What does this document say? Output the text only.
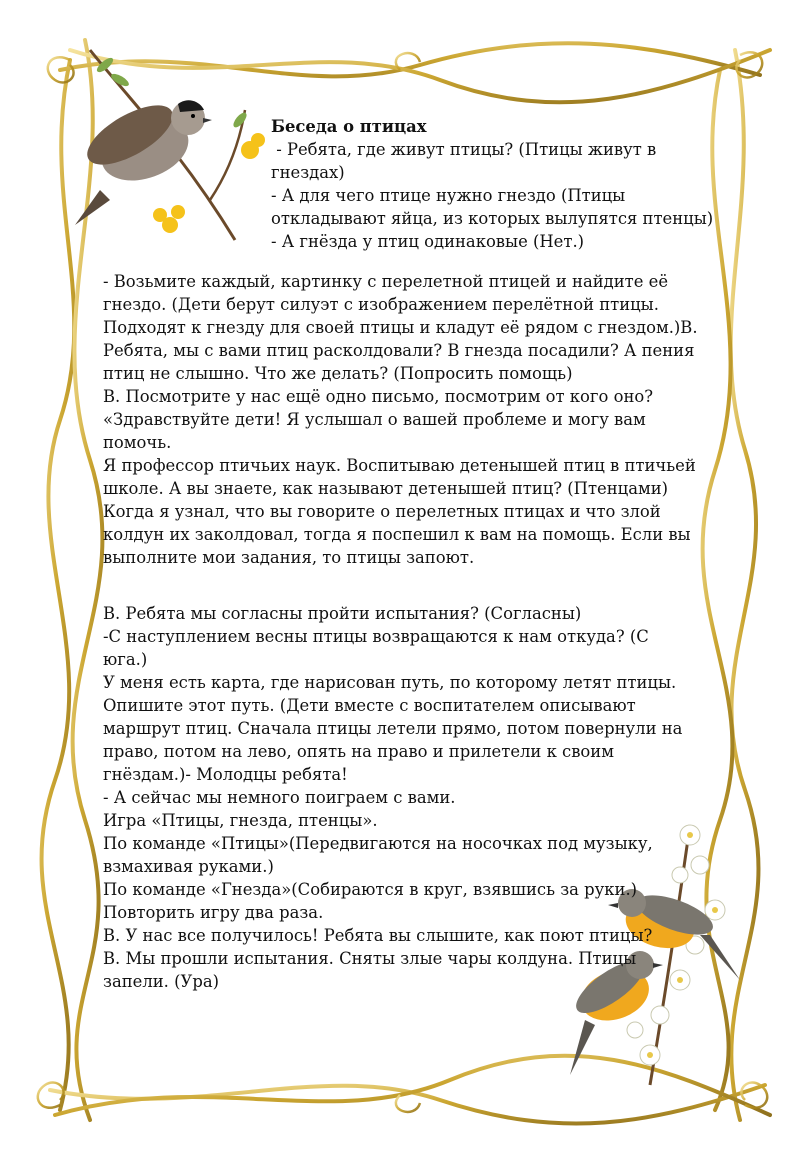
Беседа о птицах
- Ребята, где живут птицы? (Птицы живут в
гнездах)
- А для чего птице нужно гнездо (Птицы
откладывают яйца, из которых вылупятся птенцы)
- А гнёзда у птиц одинаковые (Нет.)
- Возьмите каждый, картинку с перелетной птицей и найдите её
гнездо. (Дети берут силуэт с изображением перелётной птицы.
Подходят к гнезду для своей птицы и кладут её рядом с гнездом.)В.
Ребята, мы с вами птиц расколдовали? В гнезда посадили? А пения
птиц не слышно. Что же делать? (Попросить помощь)
В. Посмотрите у нас ещё одно письмо, посмотрим от кого оно?
«Здравствуйте дети! Я услышал о вашей проблеме и могу вам
помочь.
Я профессор птичьих наук. Воспитываю детенышей птиц в птичьей
школе. А вы знаете, как называют детенышей птиц? (Птенцами)
Когда я узнал, что вы говорите о перелетных птицах и что злой
колдун их заколдовал, тогда я поспешил к вам на помощь. Если вы
выполните мои задания, то птицы запоют.
В. Ребята мы согласны пройти испытания? (Согласны)
-С наступлением весны птицы возвращаются к нам откуда? (С
юга.)
У меня есть карта, где нарисован путь, по которому летят птицы.
Опишите этот путь. (Дети вместе с воспитателем описывают
маршрут птиц. Сначала птицы летели прямо, потом повернули на
право, потом на лево, опять на право и прилетели к своим
гнёздам.)- Молодцы ребята!
- А сейчас мы немного поиграем с вами.
Игра «Птицы, гнезда, птенцы».
По команде «Птицы»(Передвигаются на носочках под музыку,
взмахивая руками.)
По команде «Гнезда»(Собираются в круг, взявшись за руки.)
Повторить игру два раза.
В. У нас все получилось! Ребята вы слышите, как поют птицы?
В. Мы прошли испытания. Сняты злые чары колдуна. Птицы
запели. (Ура)
